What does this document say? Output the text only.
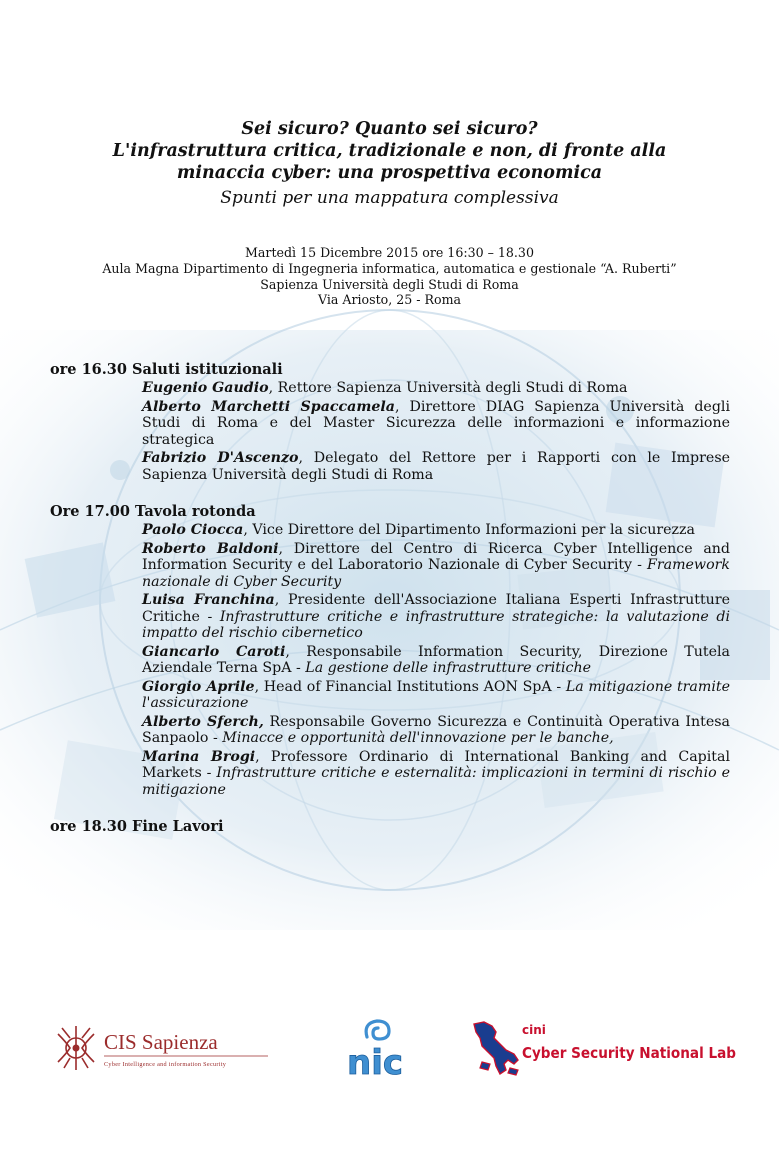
Sei sicuro? Quanto sei sicuro?

L'infrastruttura critica, tradizionale e non, di fronte alla

minaccia cyber: una prospettiva economica

Spunti per una mappatura complessiva

Martedì 15 Dicembre 2015 ore 16:30 – 18.30
Aula Magna Dipartimento di Ingegneria informatica, automatica e gestionale “A. Ruberti”
Sapienza Università degli Studi di Roma
Via Ariosto, 25 - Roma

ore 16.30 Saluti istituzionali

Eugenio Gaudio, Rettore Sapienza Università degli Studi di Roma

Alberto Marchetti Spaccamela, Direttore DIAG Sapienza Università degli Studi di Roma e del Master Sicurezza delle informazioni e informazione strategica

Fabrizio D'Ascenzo, Delegato del Rettore per i Rapporti con le Imprese Sapienza Università degli Studi di Roma

Ore 17.00 Tavola rotonda

Paolo Ciocca, Vice Direttore del Dipartimento Informazioni per la sicurezza

Roberto Baldoni, Direttore del Centro di Ricerca Cyber Intelligence and Information Security e del Laboratorio Nazionale di Cyber Security - Framework nazionale di Cyber Security

Luisa Franchina, Presidente dell'Associazione Italiana Esperti Infrastrutture Critiche - Infrastrutture critiche e infrastrutture strategiche: la valutazione di impatto del rischio cibernetico

Giancarlo Caroti, Responsabile Information Security, Direzione Tutela Aziendale Terna SpA - La gestione delle infrastrutture critiche

Giorgio Aprile, Head of Financial Institutions AON SpA - La mitigazione tramite l'assicurazione

Alberto Sferch, Responsabile Governo Sicurezza e Continuità Operativa Intesa Sanpaolo - Minacce e opportunità dell'innovazione per le banche,

Marina Brogi, Professore Ordinario di International Banking and Capital Markets - Infrastrutture critiche e esternalità: implicazioni in termini di rischio e mitigazione

ore 18.30 Fine Lavori

CIS Sapienza
Cyber Intelligence and information Security	nic
cini
Cyber Security National Lab
